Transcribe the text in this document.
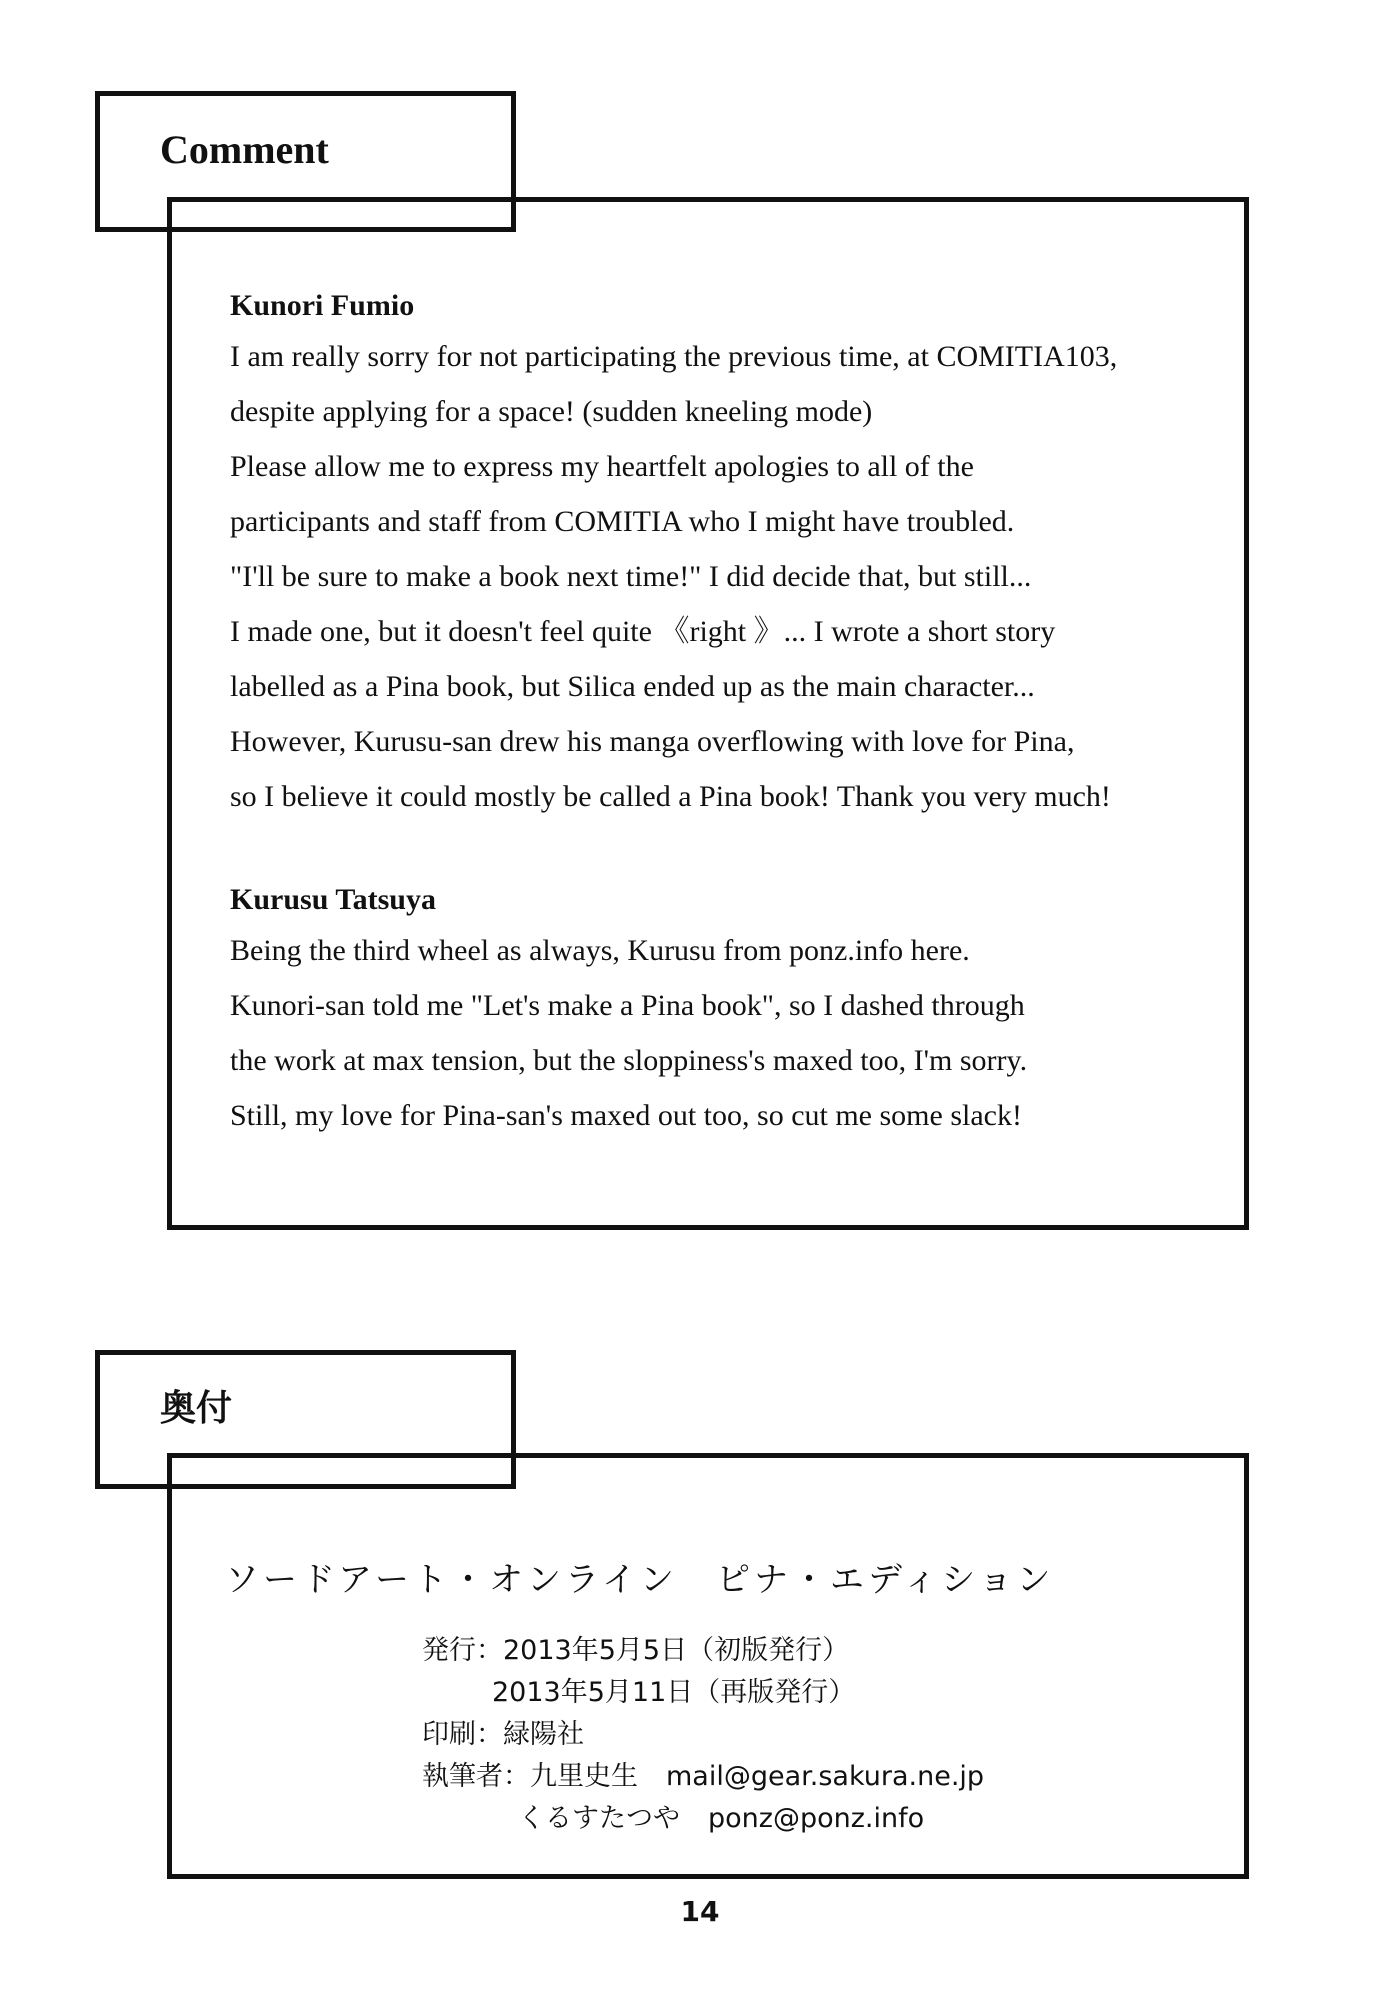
Comment
Kunori Fumio
I am really sorry for not participating the previous time, at COMITIA103,
despite applying for a space! (sudden kneeling mode)
Please allow me to express my heartfelt apologies to all of the
participants and staff from COMITIA who I might have troubled.
"I'll be sure to make a book next time!" I did decide that, but still...
I made one, but it doesn't feel quite 《right 》... I wrote a short story
labelled as a Pina book, but Silica ended up as the main character...
However, Kurusu-san drew his manga overflowing with love for Pina,
so I believe it could mostly be called a Pina book! Thank you very much!
Kurusu Tatsuya
Being the third wheel as always, Kurusu from ponz.info here.
Kunori-san told me "Let's make a Pina book", so I dashed through
the work at max tension, but the sloppiness's maxed too, I'm sorry.
Still, my love for Pina-san's maxed out too, so cut me some slack!
奥付
ソードアート・オンライン　ピナ・エディション
発行：2013年5月5日（初版発行）
2013年5月11日（再版発行）
印刷：緑陽社
執筆者：九里史生 mail@gear.sakura.ne.jp
くるすたつや ponz@ponz.info
14
